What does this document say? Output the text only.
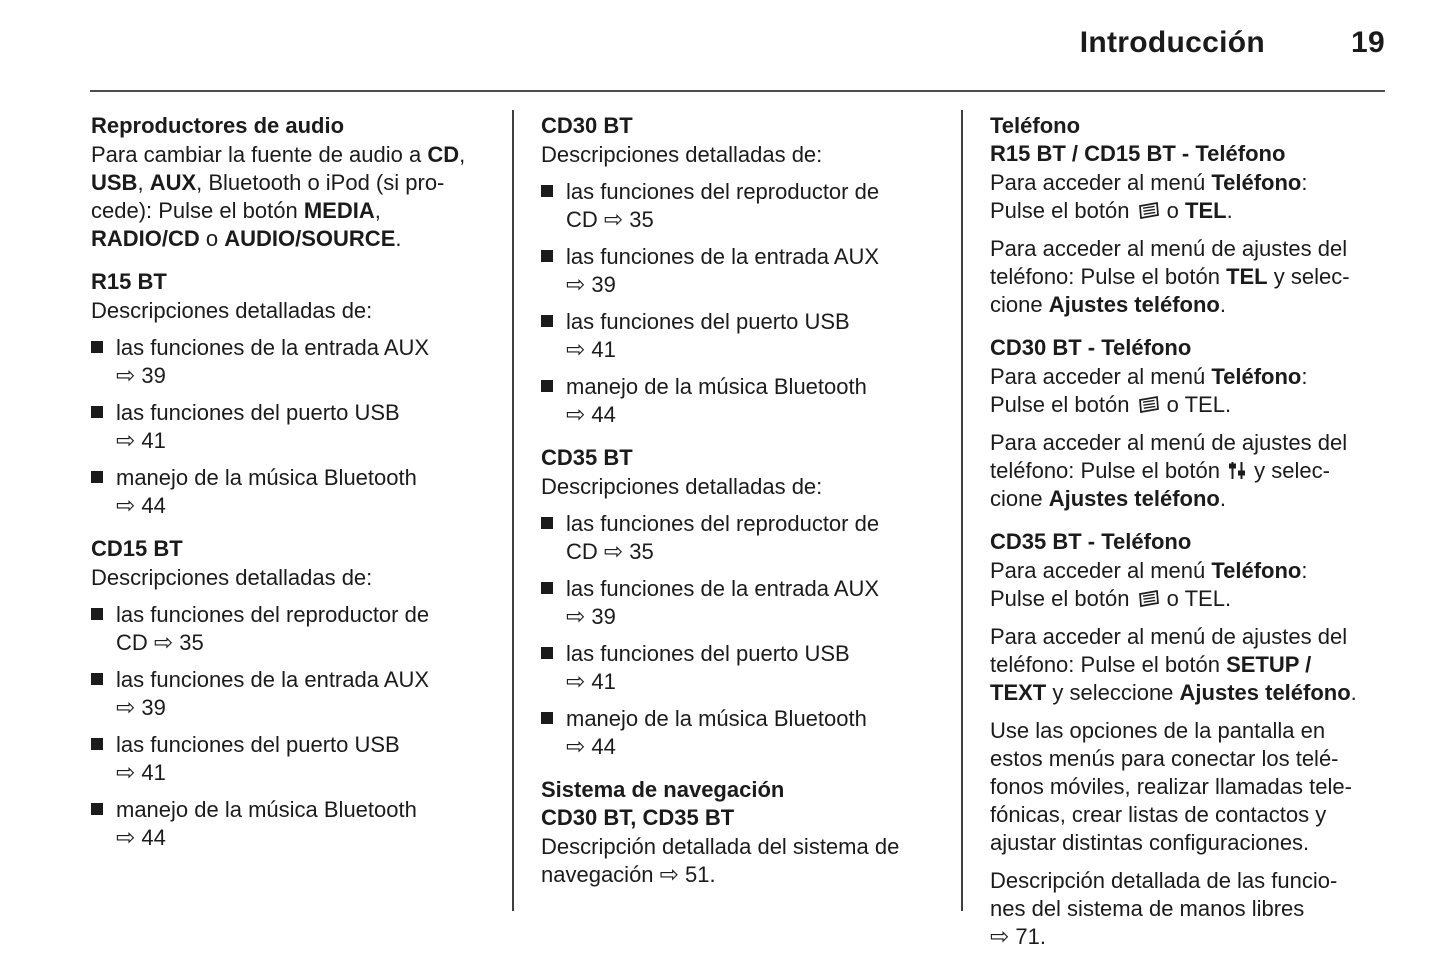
Introducción	19
Reproductores de audio

Para cambiar la fuente de audio a CD,
USB, AUX, Bluetooth o iPod (si pro-
cede): Pulse el botón MEDIA,
RADIO/CD o AUDIO/SOURCE.

R15 BT

Descripciones detalladas de:

las funciones de la entrada AUX
⇨ 39
las funciones del puerto USB
⇨ 41
manejo de la música Bluetooth
⇨ 44
CD15 BT

Descripciones detalladas de:

las funciones del reproductor de
CD ⇨ 35
las funciones de la entrada AUX
⇨ 39
las funciones del puerto USB
⇨ 41
manejo de la música Bluetooth
⇨ 44
CD30 BT

Descripciones detalladas de:

las funciones del reproductor de
CD ⇨ 35
las funciones de la entrada AUX
⇨ 39
las funciones del puerto USB
⇨ 41
manejo de la música Bluetooth
⇨ 44
CD35 BT

Descripciones detalladas de:

las funciones del reproductor de
CD ⇨ 35
las funciones de la entrada AUX
⇨ 39
las funciones del puerto USB
⇨ 41
manejo de la música Bluetooth
⇨ 44
Sistema de navegación
CD30 BT, CD35 BT

Descripción detallada del sistema de
navegación ⇨ 51.

Teléfono
R15 BT / CD15 BT - Teléfono

Para acceder al menú Teléfono:
Pulse el botón  o TEL.

Para acceder al menú de ajustes del
teléfono: Pulse el botón TEL y selec-
cione Ajustes teléfono.

CD30 BT - Teléfono

Para acceder al menú Teléfono:
Pulse el botón  o TEL.

Para acceder al menú de ajustes del
teléfono: Pulse el botón  y selec-
cione Ajustes teléfono.

CD35 BT - Teléfono

Para acceder al menú Teléfono:
Pulse el botón  o TEL.

Para acceder al menú de ajustes del
teléfono: Pulse el botón SETUP /
TEXT y seleccione Ajustes teléfono.

Use las opciones de la pantalla en
estos menús para conectar los telé-
fonos móviles, realizar llamadas tele-
fónicas, crear listas de contactos y
ajustar distintas configuraciones.

Descripción detallada de las funcio-
nes del sistema de manos libres
⇨ 71.
